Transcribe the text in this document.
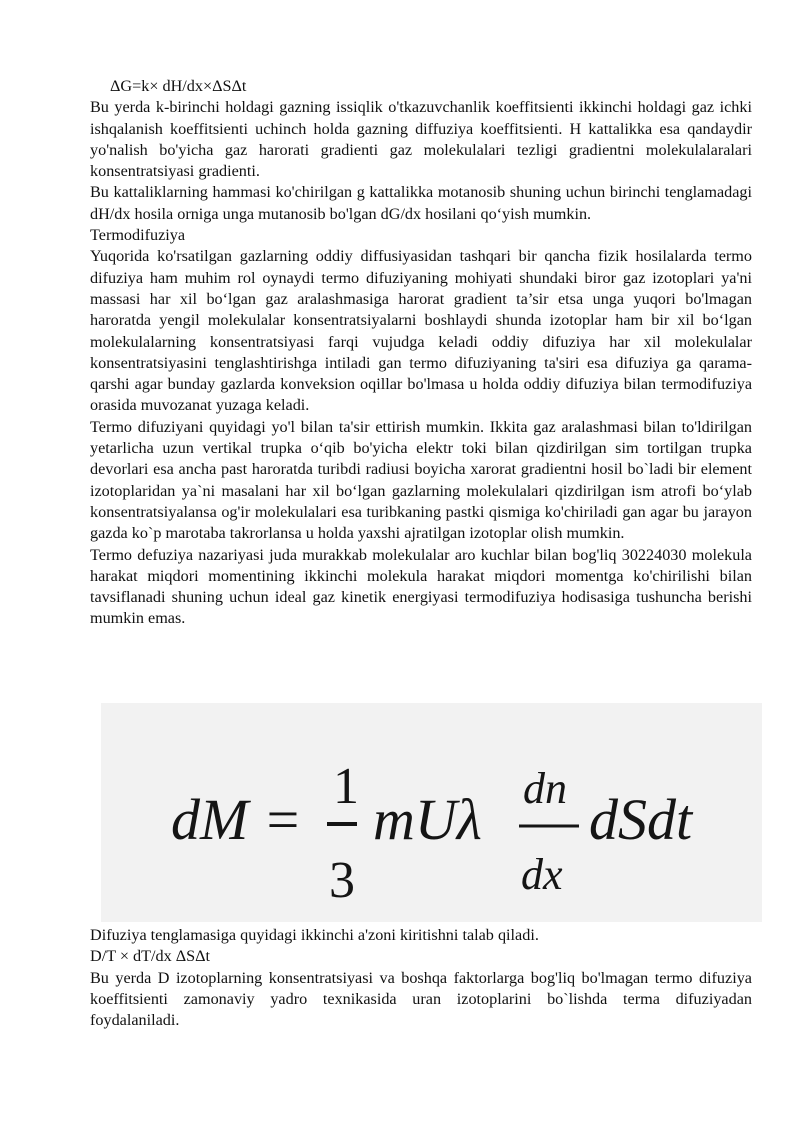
ΔG=k× dH/dx×ΔSΔt

Bu yerda k-birinchi holdagi gazning issiqlik o'tkazuvchanlik koeffitsienti ikkinchi holdagi gaz ichki ishqalanish koeffitsienti uchinch holda gazning diffuziya koeffitsienti. H kattalikka esa qandaydir yo'nalish bo'yicha gaz harorati gradienti gaz molekulalari tezligi gradientni molekulalaralari konsentratsiyasi gradienti.

Bu kattaliklarning hammasi ko'chirilgan g kattalikka motanosib shuning uchun birinchi tenglamadagi dH/dx hosila orniga unga mutanosib bo'lgan dG/dx hosilani qo‘yish mumkin.

Termodifuziya

Yuqorida ko'rsatilgan gazlarning oddiy diffusiyasidan tashqari bir qancha fizik hosilalarda termo difuziya ham muhim rol oynaydi termo difuziyaning mohiyati shundaki biror gaz izotoplari ya'ni massasi har xil bo‘lgan gaz aralashmasiga harorat gradient ta’sir etsa unga yuqori bo'lmagan haroratda yengil molekulalar konsentratsiyalarni boshlaydi shunda izotoplar ham bir xil bo‘lgan molekulalarning konsentratsiyasi farqi vujudga keladi oddiy difuziya har xil molekulalar konsentratsiyasini tenglashtirishga intiladi gan termo difuziyaning ta'siri esa difuziya ga qarama-qarshi agar bunday gazlarda konveksion oqillar bo'lmasa u holda oddiy difuziya bilan termodifuziya orasida muvozanat yuzaga keladi.

Termo difuziyani quyidagi yo'l bilan ta'sir ettirish mumkin. Ikkita gaz aralashmasi bilan to'ldirilgan yetarlicha uzun vertikal trupka o‘qib bo'yicha elektr toki bilan qizdirilgan sim tortilgan trupka devorlari esa ancha past haroratda turibdi radiusi boyicha xarorat gradientni hosil bo`ladi bir element izotoplaridan ya`ni masalani har xil bo‘lgan gazlarning molekulalari qizdirilgan ism atrofi bo‘ylab konsentratsiyalansa og'ir molekulalari esa turibkaning pastki qismiga ko'chiriladi gan agar bu jarayon gazda ko`p marotaba takrorlansa u holda yaxshi ajratilgan izotoplar olish mumkin.

Termo defuziya nazariyasi juda murakkab molekulalar aro kuchlar bilan bog'liq 30224030 molekula harakat miqdori momentining ikkinchi molekula harakat miqdori momentga ko'chirilishi bilan tavsiflanadi shuning uchun ideal gaz kinetik energiyasi termodifuziya hodisasiga tushuncha berishi mumkin emas.

dM =
1
3
mUλ dn
dx
dSdt

Difuziya tenglamasiga quyidagi ikkinchi a'zoni kiritishni talab qiladi.

D/T × dT/dx ΔSΔt

Bu yerda D izotoplarning konsentratsiyasi va boshqa faktorlarga bog'liq bo'lmagan termo difuziya koeffitsienti zamonaviy yadro texnikasida uran izotoplarini bo`lishda terma difuziyadan foydalaniladi.
